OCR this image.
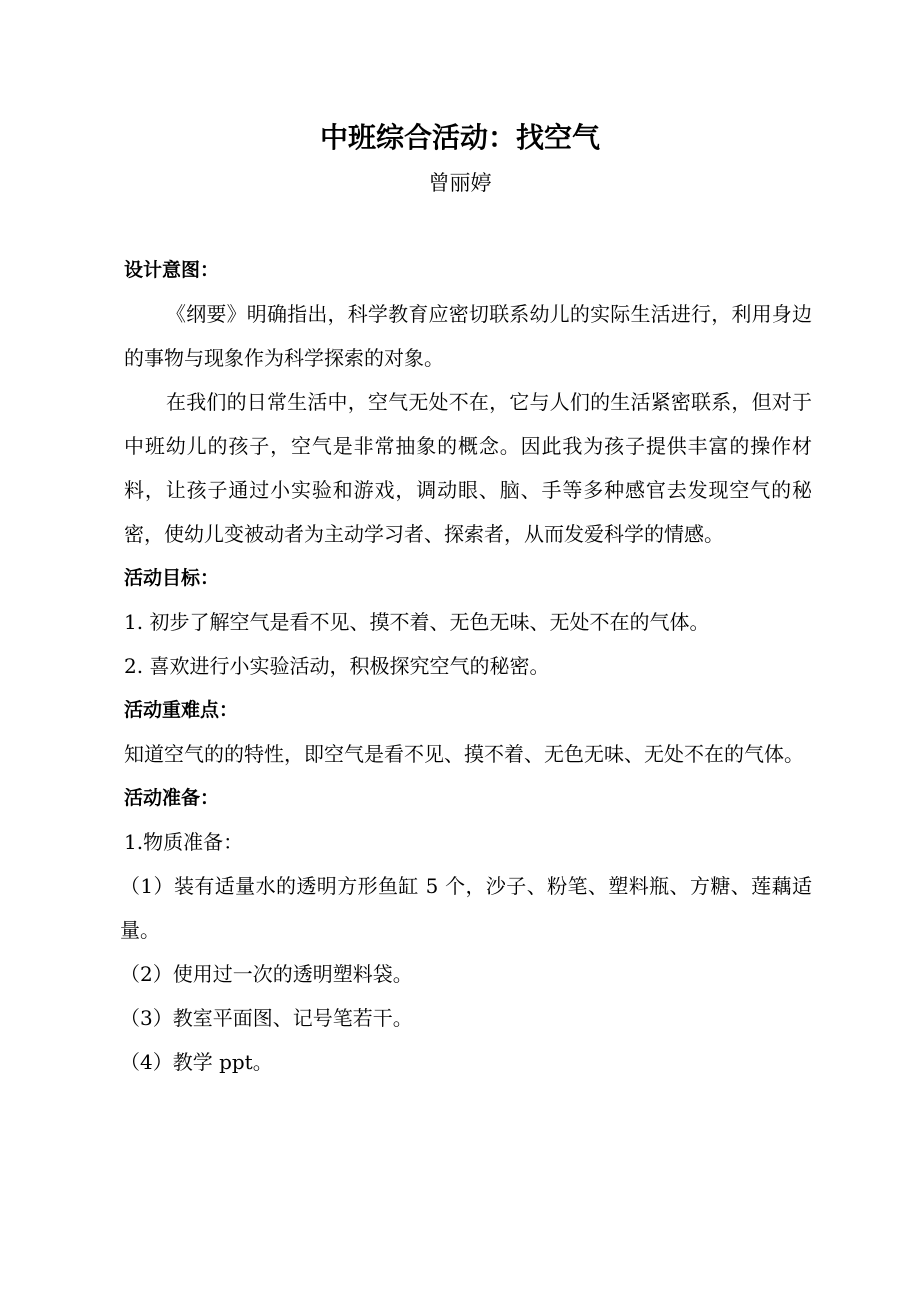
中班综合活动：找空气
曾丽婷

设计意图：

《纲要》明确指出，科学教育应密切联系幼儿的实际生活进行，利用身边的事物与现象作为科学探索的对象。

在我们的日常生活中，空气无处不在，它与人们的生活紧密联系，但对于中班幼儿的孩子，空气是非常抽象的概念。因此我为孩子提供丰富的操作材料，让孩子通过小实验和游戏，调动眼、脑、手等多种感官去发现空气的秘密，使幼儿变被动者为主动学习者、探索者，从而发爱科学的情感。

活动目标：

1. 初步了解空气是看不见、摸不着、无色无味、无处不在的气体。

2. 喜欢进行小实验活动，积极探究空气的秘密。

活动重难点：

知道空气的的特性，即空气是看不见、摸不着、无色无味、无处不在的气体。

活动准备：

1.物质准备：

（1）装有适量水的透明方形鱼缸 5 个，沙子、粉笔、塑料瓶、方糖、莲藕适量。

（2）使用过一次的透明塑料袋。

（3）教室平面图、记号笔若干。

（4）教学 ppt。
